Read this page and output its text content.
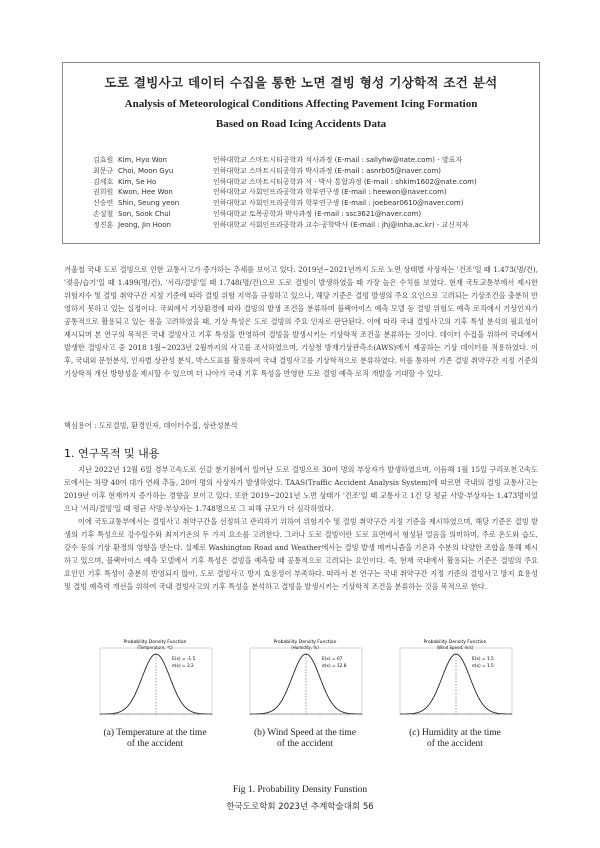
도로 결빙사고 데이터 수집을 통한 노면 결빙 형성 기상학적 조건 분석
Analysis of Meteorological Conditions Affecting Pavement Icing Formation
Based on Road Icing Accidents Data
김효원 Kim, Hyo Won	인하대학교 스마트시티공학과 석사과정 (E-mail : sallyhw@nate.com) - 발표자
최문규 Choi, Moon Gyu	인하대학교 스마트시티공학과 박사과정 (E-mail : asnrb05@naver.com)
김세호 Kim, Se Ho	인하대학교 스마트시티공학과 석 · 박사 통합과정 (E-mail : shkim1602@nate.com)
권희원 Kwon, Hee Won	인하대학교 사회인프라공학과 학부연구생 (E-mail : heewon@naver.com)
신승연 Shin, Seung yeon	인하대학교 사회인프라공학과 학부연구생 (E-mail : joebear0610@naver.com)
손설철 Son, Sook Chul	인하대학교 토목공학과 박사과정 (E-mail : ssc3621@naver.com)
정진훈 Jeong, Jin Hoon	인하대학교 사회인프라공학과 교수·공학박사 (E-mail : jhj@inha.ac.kr) - 교신저자
겨울철 국내 도로 결빙으로 인한 교통사고가 증가하는 추세를 보이고 있다. 2019년~2021년까지 도로 노면 상태별 사상자는 '건조'일 때 1.473(명/건), '젖음/습기'일 때 1.499(명/건), '서리/결빙'일 때 1.748(명/건)으로 도로 결빙이 발생하였을 때 가장 높은 수치를 보였다. 현재 국토교통부에서 제시한 위험지수 및 결빙 취약구간 지정 기준에 따라 결빙 위험 지역을 규정하고 있으나, 해당 기준은 결빙 발생의 주요 요인으로 고려되는 기상조건을 충분히 반영하지 못하고 있는 실정이다. 국외에서 기상환경에 따라 결빙의 발생 조건을 분류하며 블랙아이스 예측 모델 등 결빙 위험도 예측 로직에서 기상인자가 공통적으로 활용되고 있는 점을 고려하였을 때, 기상 특성은 도로 결빙의 주요 인자로 판단된다. 이에 따라 국내 결빙사고의 기후 특성 분석의 필요성이 제시되며 본 연구의 목적은 국내 결빙사고 기후 특성을 반영하여 결빙을 발생시키는 기상학적 조건을 분류하는 것이다. 데이터 수집을 위하여 국내에서 발생한 결빙사고 중 2018 1월~2023년 2월까지의 사고를 조사하였으며, 기상청 방재기상관측소(AWS)에서 제공하는 기상 데이터를 적용하였다. 이후, 국내외 문헌분석, 인자별 상관성 분석, 박스도표를 활용하여 국내 결빙사고를 기상학적으로 분류하였다. 이를 통하여 기존 결빙 취약구간 지정 기준의 기상학적 개선 방향성을 제시할 수 있으며 더 나아가 국내 기후 특성을 반영한 도로 결빙 예측 로직 개발을 기대할 수 있다.
핵심용어 : 도로결빙, 환경인자, 데이터수집, 상관성분석
1. 연구목적 및 내용

지난 2022년 12월 6일 경부고속도로 선갈 분기점에서 일어난 도로 결빙으로 30여 명의 부상자가 발생하였으며, 이듬해 1월 15일 구리포천고속도로에서는 차량 40여 대가 연쇄 추돌, 20여 명의 사상자가 발생하였다. TAAS(Traffic Accident Analysis System)에 따르면 국내의 결빙 교통사고는 2019년 이후 현재까지 증가하는 경향을 보이고 있다. 또한 2019~2021년 노면 상태가 '건조'일 때 교통사고 1건 당 평균 사망·부상자는 1.473명이었으나 '서리/결빙'일 때 평균 사망·부상자는 1.748명으로 그 피해 규모가 더 심각하였다.

이에 국토교통부에서는 결빙사고 취약구간을 선정하고 관리하기 위하여 위험지수 및 결빙 취약구간 지정 기준을 제시하였으며, 해당 기준은 결빙 발생의 기후 특성으로 강수일수와 최저기온의 두 가지 요소를 고려한다. 그러나 도로 결빙이란 도로 표면에서 형성된 얼음을 의미하며, 주로 온도와 습도, 강수 등의 기상 환경의 영향을 받는다. 실제로 Washington Road and Weather에서는 결빙 발생 메커니즘을 기온과 수분의 다양한 조합을 통해 제시하고 있으며, 블랙아이스 예측 모델에서 기후 특성은 결빙을 예측할 때 공통적으로 고려되는 요인이다. 즉, 현재 국내에서 활용되는 기준은 결빙의 주요 요인인 기후 특성이 충분히 반영되지 않아, 도로 결빙사고 방지 효용성이 부족하다. 따라서 본 연구는 국내 취약구간 지정 기준의 결빙사고 방지 효용성 및 결빙 예측력 개선을 위하여 국내 결빙사고의 기후 특성을 분석하고 결빙을 발생시키는 기상학적 조건을 분류하는 것을 목적으로 한다.

Probability Density Function
(Temperature, ℃)
E(x) = -1.5
σ(x) = 3.2
Probability Density Function
(Humidity, %)
E(x) = 67
σ(x) = 12.8
Probability Density Function
(Wind Speed, m/s)
E(x) = 1.5
σ(x) = 1.5
(a) Temperature at the time
of the accident
(b) Wind Speed at the time
of the accident
(c) Humidity at the time
of the accident
Fig 1. Probability Density Funstion
한국도로학회 2023년 추계학술대회 56
